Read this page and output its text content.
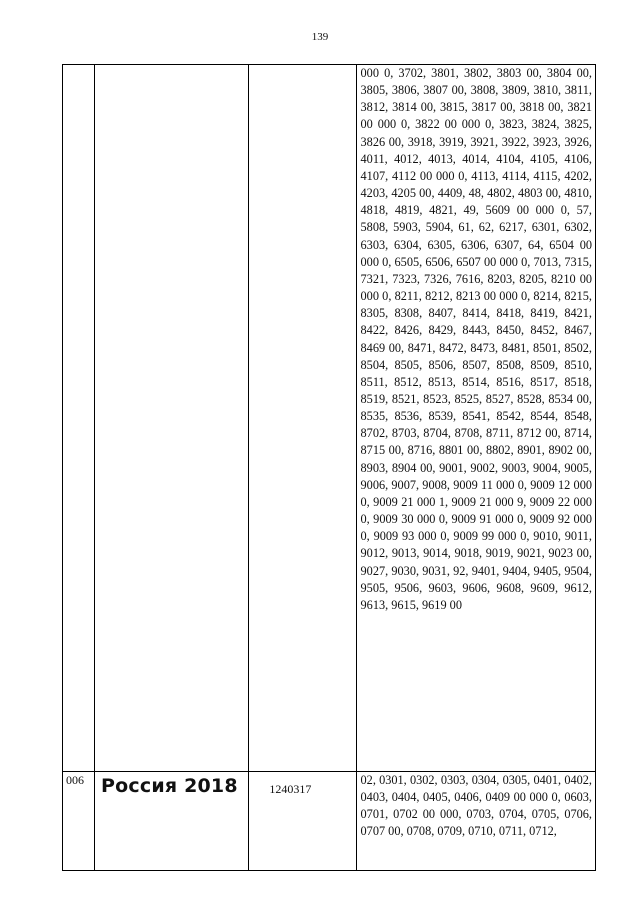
139
			000 0, 3702, 3801, 3802, 3803 00, 3804 00, 3805, 3806, 3807 00, 3808, 3809, 3810, 3811, 3812, 3814 00, 3815, 3817 00, 3818 00, 3821 00 000 0, 3822 00 000 0, 3823, 3824, 3825, 3826 00, 3918, 3919, 3921, 3922, 3923, 3926, 4011, 4012, 4013, 4014, 4104, 4105, 4106, 4107, 4112 00 000 0, 4113, 4114, 4115, 4202, 4203, 4205 00, 4409, 48, 4802, 4803 00, 4810, 4818, 4819, 4821, 49, 5609 00 000 0, 57, 5808, 5903, 5904, 61, 62, 6217, 6301, 6302, 6303, 6304, 6305, 6306, 6307, 64, 6504 00 000 0, 6505, 6506, 6507 00 000 0, 7013, 7315, 7321, 7323, 7326, 7616, 8203, 8205, 8210 00 000 0, 8211, 8212, 8213 00 000 0, 8214, 8215, 8305, 8308, 8407, 8414, 8418, 8419, 8421, 8422, 8426, 8429, 8443, 8450, 8452, 8467, 8469 00, 8471, 8472, 8473, 8481, 8501, 8502, 8504, 8505, 8506, 8507, 8508, 8509, 8510, 8511, 8512, 8513, 8514, 8516, 8517, 8518, 8519, 8521, 8523, 8525, 8527, 8528, 8534 00, 8535, 8536, 8539, 8541, 8542, 8544, 8548, 8702, 8703, 8704, 8708, 8711, 8712 00, 8714, 8715 00, 8716, 8801 00, 8802, 8901, 8902 00, 8903, 8904 00, 9001, 9002, 9003, 9004, 9005, 9006, 9007, 9008, 9009 11 000 0, 9009 12 000 0, 9009 21 000 1, 9009 21 000 9, 9009 22 000 0, 9009 30 000 0, 9009 91 000 0, 9009 92 000 0, 9009 93 000 0, 9009 99 000 0, 9010, 9011, 9012, 9013, 9014, 9018, 9019, 9021, 9023 00, 9027, 9030, 9031, 92, 9401, 9404, 9405, 9504, 9505, 9506, 9603, 9606, 9608, 9609, 9612, 9613, 9615, 9619 00
006	Россия 2018	1240317	02, 0301, 0302, 0303, 0304, 0305, 0401, 0402, 0403, 0404, 0405, 0406, 0409 00 000 0, 0603, 0701, 0702 00 000, 0703, 0704, 0705, 0706, 0707 00, 0708, 0709, 0710, 0711, 0712,
